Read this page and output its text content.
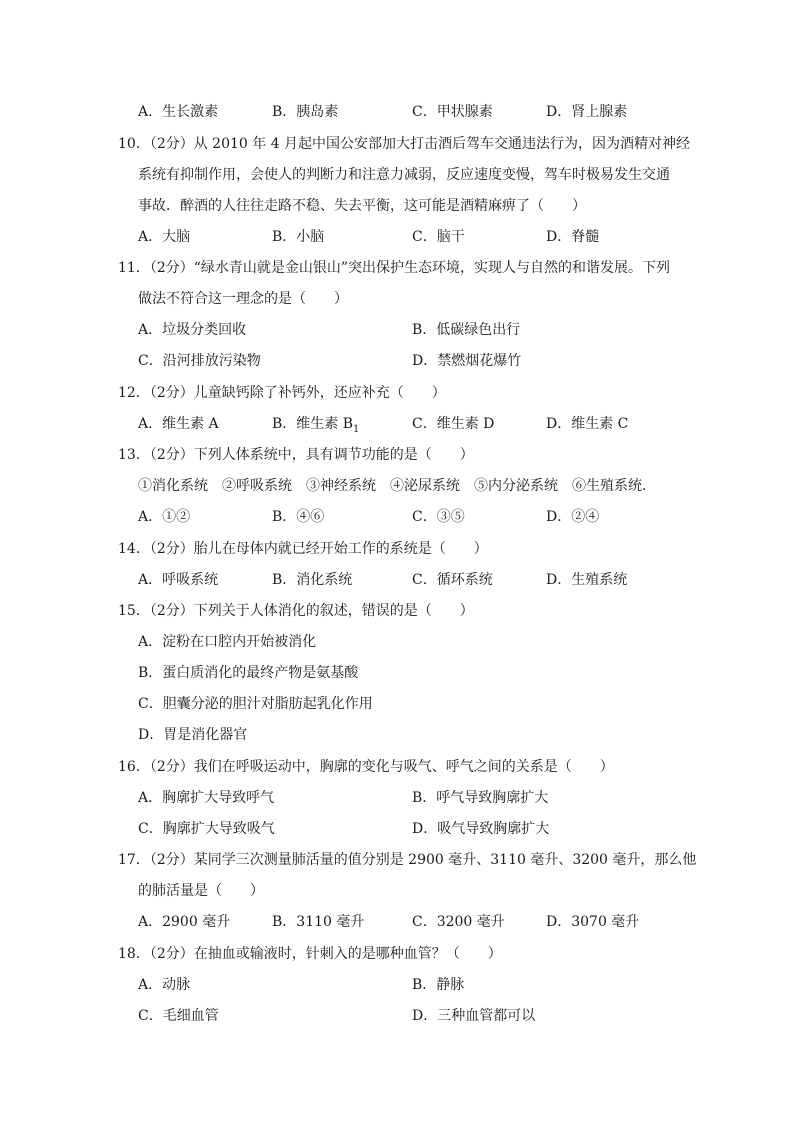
A．生长激素	B．胰岛素	C．甲状腺素	D．肾上腺素
10．（2分）从 2010 年 4 月起中国公安部加大打击酒后驾车交通违法行为，因为酒精对神经
系统有抑制作用，会使人的判断力和注意力减弱，反应速度变慢，驾车时极易发生交通
事故．醉酒的人往往走路不稳、失去平衡，这可能是酒精麻痹了（　　）
A．大脑	B．小脑	C．脑干	D．脊髓
11．（2分）“绿水青山就是金山银山”突出保护生态环境，实现人与自然的和谐发展。下列
做法不符合这一理念的是（　　）
A．垃圾分类回收	B．低碳绿色出行
C．沿河排放污染物	D．禁燃烟花爆竹
12．（2分）儿童缺钙除了补钙外，还应补充（　　）
A．维生素 A	B．维生素 $B_1$	C．维生素 D	D．维生素 C
13．（2分）下列人体系统中，具有调节功能的是（　　）
①消化系统　②呼吸系统　③神经系统　④泌尿系统　⑤内分泌系统　⑥生殖系统．
A．①②	B．④⑥	C．③⑤	D．②④
14．（2分）胎儿在母体内就已经开始工作的系统是（　　）
A．呼吸系统	B．消化系统	C．循环系统	D．生殖系统
15．（2分）下列关于人体消化的叙述，错误的是（　　）
A．淀粉在口腔内开始被消化
B．蛋白质消化的最终产物是氨基酸
C．胆囊分泌的胆汁对脂肪起乳化作用
D．胃是消化器官
16．（2分）我们在呼吸运动中，胸廓的变化与吸气、呼气之间的关系是（　　）
A．胸廓扩大导致呼气	B．呼气导致胸廓扩大
C．胸廓扩大导致吸气	D．吸气导致胸廓扩大
17．（2分）某同学三次测量肺活量的值分别是 2900 毫升、3110 毫升、3200 毫升，那么他
的肺活量是（　　）
A．2900 毫升	B．3110 毫升	C．3200 毫升	D．3070 毫升
18．（2分）在抽血或输液时，针刺入的是哪种血管？（　　）
A．动脉	B．静脉
C．毛细血管	D．三种血管都可以
